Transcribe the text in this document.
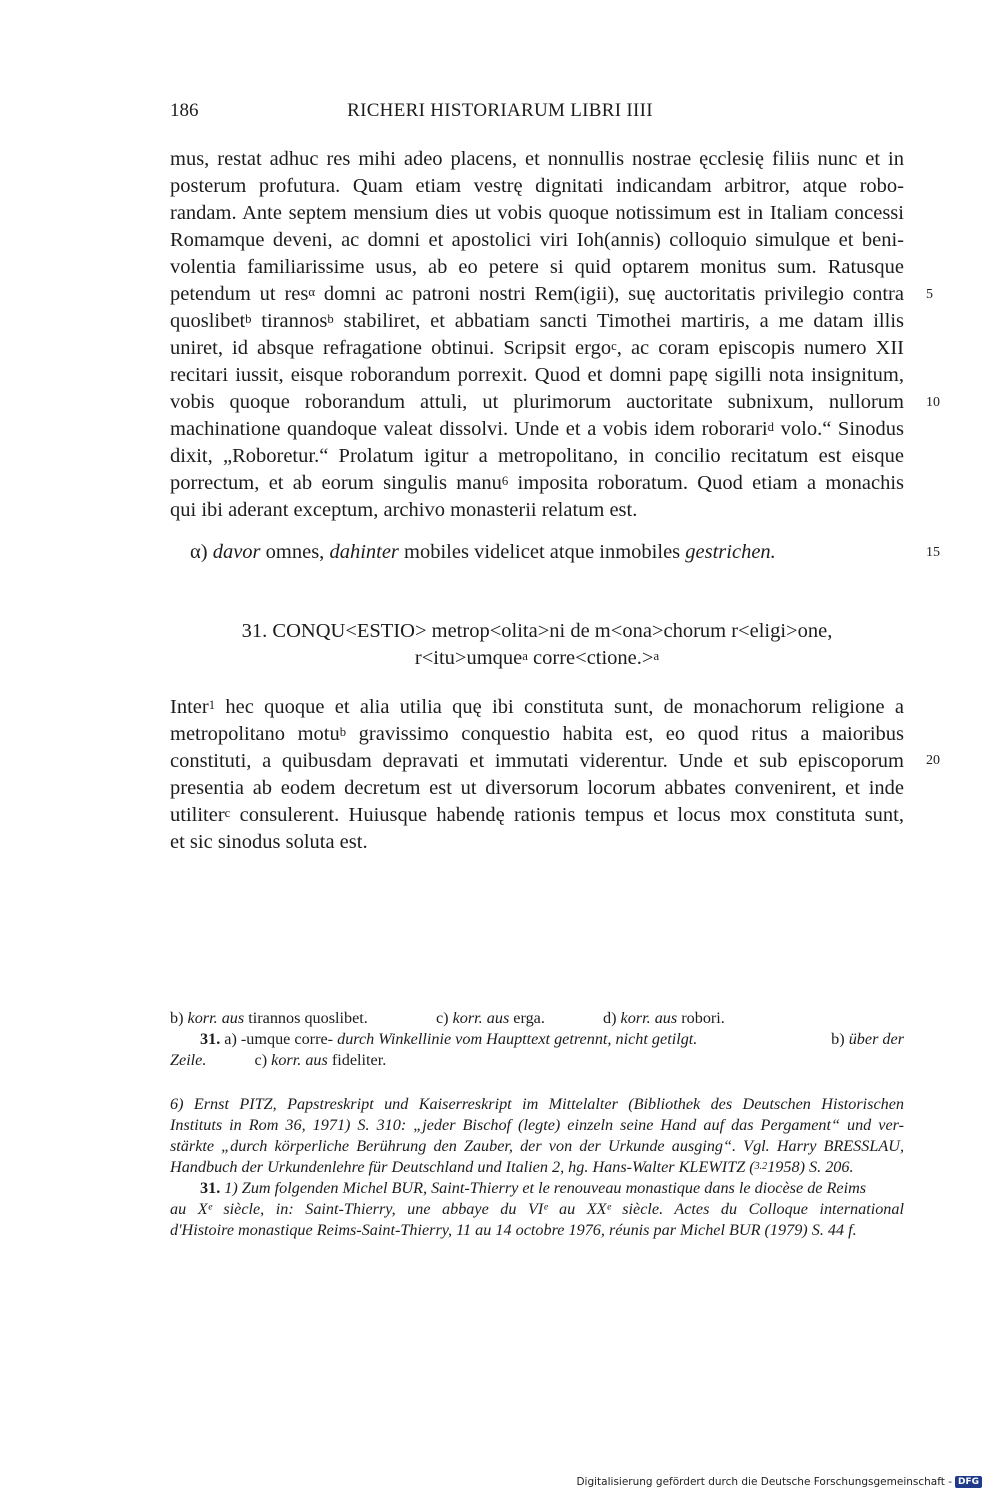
186	RICHERI HISTORIARUM LIBRI IIII
mus, restat adhuc res mihi adeo placens, et nonnullis nostrae ęcclesię filiis nunc et in
posterum profutura. Quam etiam vestrę dignitati indicandam arbitror, atque robo-
randam. Ante septem mensium dies ut vobis quoque notissimum est in Italiam concessi
Romamque deveni, ac domni et apostolici viri Ioh(annis) colloquio simulque et beni-
volentia familiarissime usus, ab eo petere si quid optarem monitus sum. Ratusque
petendum ut res$^\alpha$ domni ac patroni nostri Rem(igii), suę auctoritatis privilegio contra
quoslibet$^b$ tirannos$^b$ stabiliret, et abbatiam sancti Timothei martiris, a me datam illis
uniret, id absque refragatione obtinui. Scripsit ergo$^c$, ac coram episcopis numero XII
recitari iussit, eisque roborandum porrexit. Quod et domni papę sigilli nota insignitum,
vobis quoque roborandum attuli, ut plurimorum auctoritate subnixum, nullorum
machinatione quandoque valeat dissolvi. Unde et a vobis idem roborari$^d$ volo.“ Sinodus
dixit, „Roboretur.“ Prolatum igitur a metropolitano, in concilio recitatum est eisque
porrectum, et ab eorum singulis manu$^6$ imposita roboratum. Quod etiam a monachis
qui ibi aderant exceptum, archivo monasterii relatum est.
5
10
15
20
α) davor omnes, dahinter mobiles videlicet atque inmobiles gestrichen.
31. CONQU<ESTIO> metrop<olita>ni de m<ona>chorum r<eligi>one,
r<itu>umque$^a$ corre<ctione.>$^a$
Inter$^1$ hec quoque et alia utilia quę ibi constituta sunt, de monachorum religione a
metropolitano motu$^b$ gravissimo conquestio habita est, eo quod ritus a maioribus
constituti, a quibusdam depravati et immutati viderentur. Unde et sub episcoporum
presentia ab eodem decretum est ut diversorum locorum abbates convenirent, et inde
utiliter$^c$ consulerent. Huiusque habendę rationis tempus et locus mox constituta sunt,
et sic sinodus soluta est.
b) korr. aus tirannos quoslibet.	c) korr. aus erga.	d) korr. aus robori.
31. a) -umque corre- durch Winkellinie vom Haupttext getrennt, nicht getilgt.	b) über der
Zeile.	c) korr. aus fideliter.
6) Ernst PITZ, Papstreskript und Kaiserreskript im Mittelalter (Bibliothek des Deutschen Historischen
Instituts in Rom 36, 1971) S. 310: „jeder Bischof (legte) einzeln seine Hand auf das Pergament“ und ver-
stärkte „durch körperliche Berührung den Zauber, der von der Urkunde ausging“. Vgl. Harry BRESSLAU,
Handbuch der Urkundenlehre für Deutschland und Italien 2, hg. Hans-Walter KLEWITZ ($^{3.2}$1958) S. 206.
31. 1) Zum folgenden Michel BUR, Saint-Thierry et le renouveau monastique dans le diocèse de Reims
au Xᵉ siècle, in: Saint-Thierry, une abbaye du VIᵉ au XXᵉ siècle. Actes du Colloque international
d'Histoire monastique Reims-Saint-Thierry, 11 au 14 octobre 1976, réunis par Michel BUR (1979) S. 44 f.
Digitalisierung gefördert durch die Deutsche Forschungsgemeinschaft - DFG
